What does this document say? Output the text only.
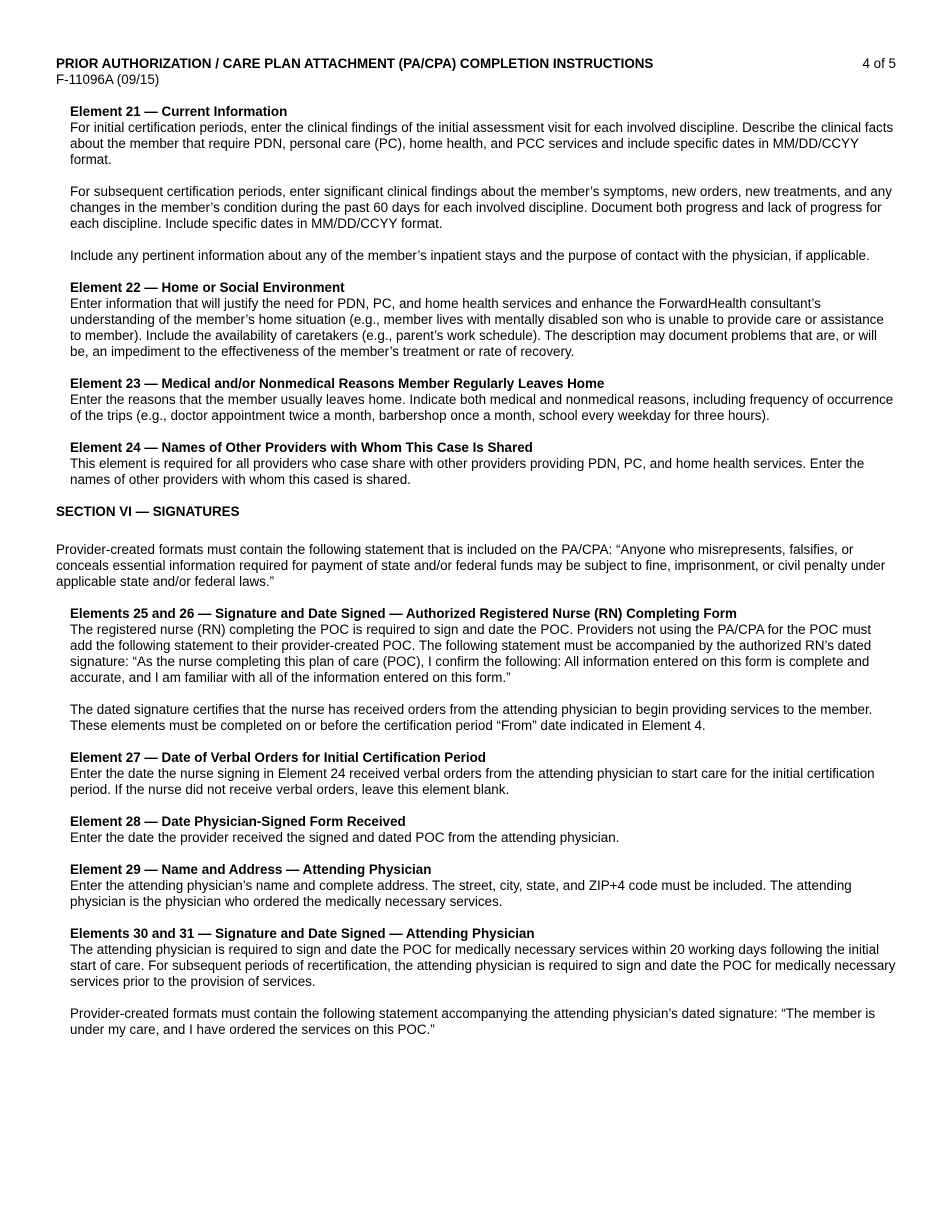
PRIOR AUTHORIZATION / CARE PLAN ATTACHMENT (PA/CPA) COMPLETION INSTRUCTIONS	4 of 5
F-11096A (09/15)

Element 21 — Current Information

For initial certification periods, enter the clinical findings of the initial assessment visit for each involved discipline. Describe the clinical facts about the member that require PDN, personal care (PC), home health, and PCC services and include specific dates in MM/DD/CCYY format.

For subsequent certification periods, enter significant clinical findings about the member’s symptoms, new orders, new treatments, and any changes in the member’s condition during the past 60 days for each involved discipline. Document both progress and lack of progress for each discipline. Include specific dates in MM/DD/CCYY format.

Include any pertinent information about any of the member’s inpatient stays and the purpose of contact with the physician, if applicable.

Element 22 — Home or Social Environment

Enter information that will justify the need for PDN, PC, and home health services and enhance the ForwardHealth consultant’s understanding of the member’s home situation (e.g., member lives with mentally disabled son who is unable to provide care or assistance to member). Include the availability of caretakers (e.g., parent’s work schedule). The description may document problems that are, or will be, an impediment to the effectiveness of the member’s treatment or rate of recovery.

Element 23 — Medical and/or Nonmedical Reasons Member Regularly Leaves Home

Enter the reasons that the member usually leaves home. Indicate both medical and nonmedical reasons, including frequency of occurrence of the trips (e.g., doctor appointment twice a month, barbershop once a month, school every weekday for three hours).

Element 24 — Names of Other Providers with Whom This Case Is Shared

This element is required for all providers who case share with other providers providing PDN, PC, and home health services. Enter the names of other providers with whom this cased is shared.

SECTION VI — SIGNATURES

Provider-created formats must contain the following statement that is included on the PA/CPA: “Anyone who misrepresents, falsifies, or conceals essential information required for payment of state and/or federal funds may be subject to fine, imprisonment, or civil penalty under applicable state and/or federal laws.”

Elements 25 and 26 — Signature and Date Signed — Authorized Registered Nurse (RN) Completing Form

The registered nurse (RN) completing the POC is required to sign and date the POC. Providers not using the PA/CPA for the POC must add the following statement to their provider-created POC. The following statement must be accompanied by the authorized RN’s dated signature: “As the nurse completing this plan of care (POC), I confirm the following: All information entered on this form is complete and accurate, and I am familiar with all of the information entered on this form.”

The dated signature certifies that the nurse has received orders from the attending physician to begin providing services to the member. These elements must be completed on or before the certification period “From” date indicated in Element 4.

Element 27 — Date of Verbal Orders for Initial Certification Period

Enter the date the nurse signing in Element 24 received verbal orders from the attending physician to start care for the initial certification period. If the nurse did not receive verbal orders, leave this element blank.

Element 28 — Date Physician-Signed Form Received

Enter the date the provider received the signed and dated POC from the attending physician.

Element 29 — Name and Address — Attending Physician

Enter the attending physician’s name and complete address. The street, city, state, and ZIP+4 code must be included. The attending physician is the physician who ordered the medically necessary services.

Elements 30 and 31 — Signature and Date Signed — Attending Physician

The attending physician is required to sign and date the POC for medically necessary services within 20 working days following the initial start of care. For subsequent periods of recertification, the attending physician is required to sign and date the POC for medically necessary services prior to the provision of services.

Provider-created formats must contain the following statement accompanying the attending physician’s dated signature: “The member is under my care, and I have ordered the services on this POC.”
